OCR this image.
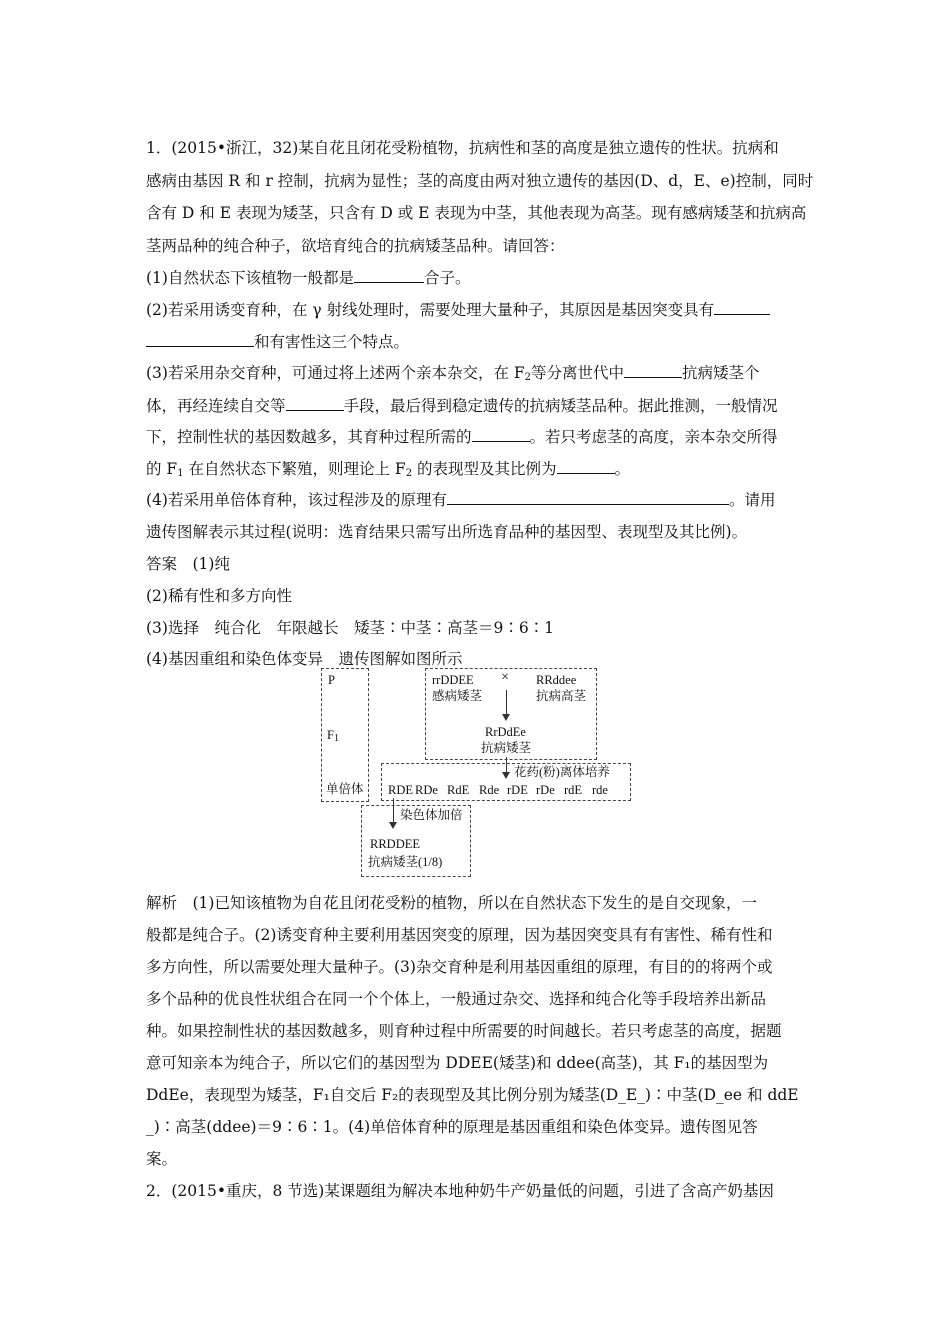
1．(2015•浙江，32)某自花且闭花受粉植物，抗病性和茎的高度是独立遗传的性状。抗病和
感病由基因 R 和 r 控制，抗病为显性；茎的高度由两对独立遗传的基因(D、d，E、e)控制，同时
含有 D 和 E 表现为矮茎，只含有 D 或 E 表现为中茎，其他表现为高茎。现有感病矮茎和抗病高
茎两品种的纯合种子，欲培育纯合的抗病矮茎品种。请回答：
(1)自然状态下该植物一般都是	合子。
(2)若采用诱变育种，在 γ 射线处理时，需要处理大量种子，其原因是基因突变具有
和有害性这三个特点。
(3)若采用杂交育种，可通过将上述两个亲本杂交，在 $F_2$等分离世代中	抗病矮茎个
体，再经连续自交等	手段，最后得到稳定遗传的抗病矮茎品种。据此推测，一般情况
下，控制性状的基因数越多，其育种过程所需的	。若只考虑茎的高度，亲本杂交所得
的 $F_1$ 在自然状态下繁殖，则理论上 $F_2$ 的表现型及其比例为	。
(4)若采用单倍体育种，该过程涉及的原理有	。请用
遗传图解表示其过程(说明：选育结果只需写出所选育品种的基因型、表现型及其比例)。
答案　(1)纯
(2)稀有性和多方向性
(3)选择　纯合化　年限越长　矮茎∶中茎∶高茎＝9∶6∶1
(4)基因重组和染色体变异　遗传图解如图所示
P
$F_1$
单倍体
rrDDEE
感病矮茎
× RRddee
抗病高茎
RrDdEe
抗病矮茎
花药(粉)离体培养
RDE RDe RdE Rde rDE rDe rdE rde
染色体加倍
RRDDEE
抗病矮茎(1/8)
解析　(1)已知该植物为自花且闭花受粉的植物，所以在自然状态下发生的是自交现象，一
般都是纯合子。(2)诱变育种主要利用基因突变的原理，因为基因突变具有有害性、稀有性和
多方向性，所以需要处理大量种子。(3)杂交育种是利用基因重组的原理，有目的的将两个或
多个品种的优良性状组合在同一个个体上，一般通过杂交、选择和纯合化等手段培养出新品
种。如果控制性状的基因数越多，则育种过程中所需要的时间越长。若只考虑茎的高度，据题
意可知亲本为纯合子，所以它们的基因型为 DDEE(矮茎)和 ddee(高茎)，其 F₁的基因型为
DdEe，表现型为矮茎，F₁自交后 F₂的表现型及其比例分别为矮茎(D_E_)∶中茎(D_ee 和 ddE
_)∶高茎(ddee)＝9∶6∶1。(4)单倍体育种的原理是基因重组和染色体变异。遗传图见答
案。
2．(2015•重庆，8 节选)某课题组为解决本地种奶牛产奶量低的问题，引进了含高产奶基因
